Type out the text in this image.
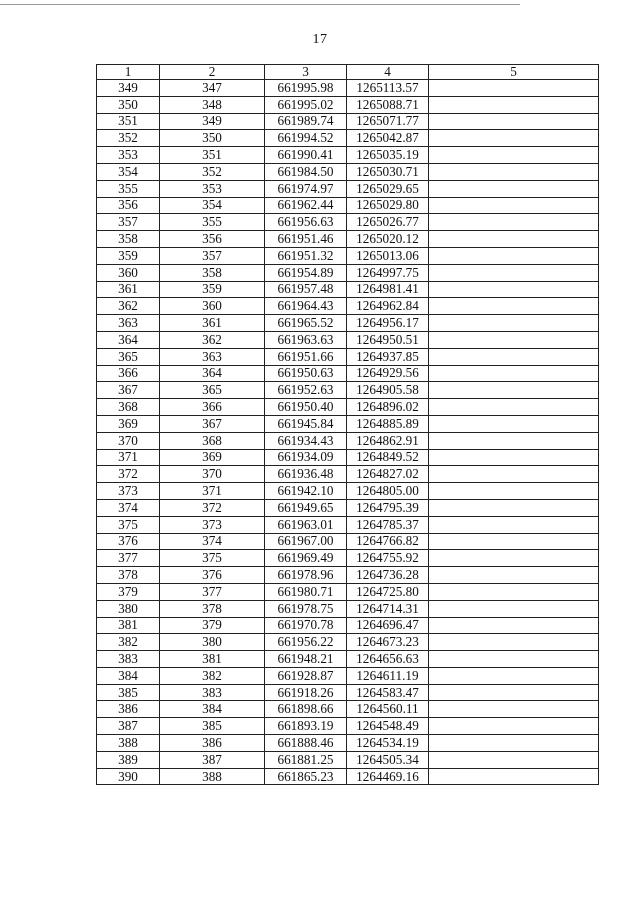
17
1	2	3	4	5
349	347	661995.98	1265113.57	
350	348	661995.02	1265088.71	
351	349	661989.74	1265071.77	
352	350	661994.52	1265042.87	
353	351	661990.41	1265035.19	
354	352	661984.50	1265030.71	
355	353	661974.97	1265029.65	
356	354	661962.44	1265029.80	
357	355	661956.63	1265026.77	
358	356	661951.46	1265020.12	
359	357	661951.32	1265013.06	
360	358	661954.89	1264997.75	
361	359	661957.48	1264981.41	
362	360	661964.43	1264962.84	
363	361	661965.52	1264956.17	
364	362	661963.63	1264950.51	
365	363	661951.66	1264937.85	
366	364	661950.63	1264929.56	
367	365	661952.63	1264905.58	
368	366	661950.40	1264896.02	
369	367	661945.84	1264885.89	
370	368	661934.43	1264862.91	
371	369	661934.09	1264849.52	
372	370	661936.48	1264827.02	
373	371	661942.10	1264805.00	
374	372	661949.65	1264795.39	
375	373	661963.01	1264785.37	
376	374	661967.00	1264766.82	
377	375	661969.49	1264755.92	
378	376	661978.96	1264736.28	
379	377	661980.71	1264725.80	
380	378	661978.75	1264714.31	
381	379	661970.78	1264696.47	
382	380	661956.22	1264673.23	
383	381	661948.21	1264656.63	
384	382	661928.87	1264611.19	
385	383	661918.26	1264583.47	
386	384	661898.66	1264560.11	
387	385	661893.19	1264548.49	
388	386	661888.46	1264534.19	
389	387	661881.25	1264505.34	
390	388	661865.23	1264469.16	
